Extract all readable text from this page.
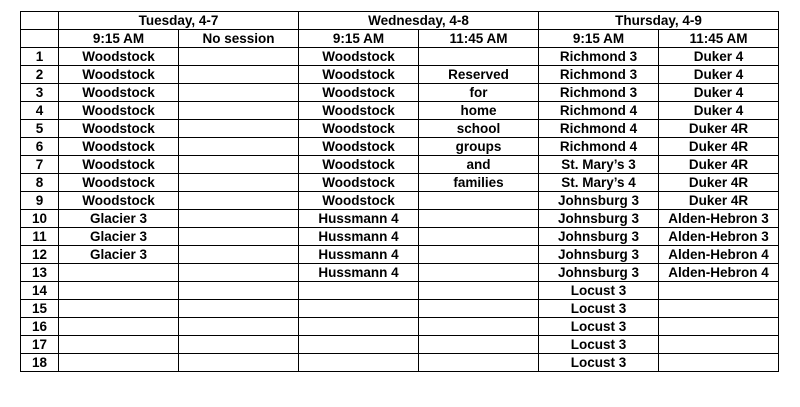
	Tuesday, 4-7		Wednesday, 4-8		Thursday, 4-9	
	9:15 AM	No session	9:15 AM	11:45 AM	9:15 AM	11:45 AM
1	Woodstock		Woodstock		Richmond 3	Duker 4
2	Woodstock		Woodstock	Reserved	Richmond 3	Duker 4
3	Woodstock		Woodstock	for	Richmond 3	Duker 4
4	Woodstock		Woodstock	home	Richmond 4	Duker 4
5	Woodstock		Woodstock	school	Richmond 4	Duker 4R
6	Woodstock		Woodstock	groups	Richmond 4	Duker 4R
7	Woodstock		Woodstock	and	St. Mary’s 3	Duker 4R
8	Woodstock		Woodstock	families	St. Mary’s 4	Duker 4R
9	Woodstock		Woodstock		Johnsburg 3	Duker 4R
10	Glacier 3		Hussmann 4		Johnsburg 3	Alden-Hebron 3
11	Glacier 3		Hussmann 4		Johnsburg 3	Alden-Hebron 3
12	Glacier 3		Hussmann 4		Johnsburg 3	Alden-Hebron 4
13			Hussmann 4		Johnsburg 3	Alden-Hebron 4
14					Locust 3	
15					Locust 3	
16					Locust 3	
17					Locust 3	
18					Locust 3	
